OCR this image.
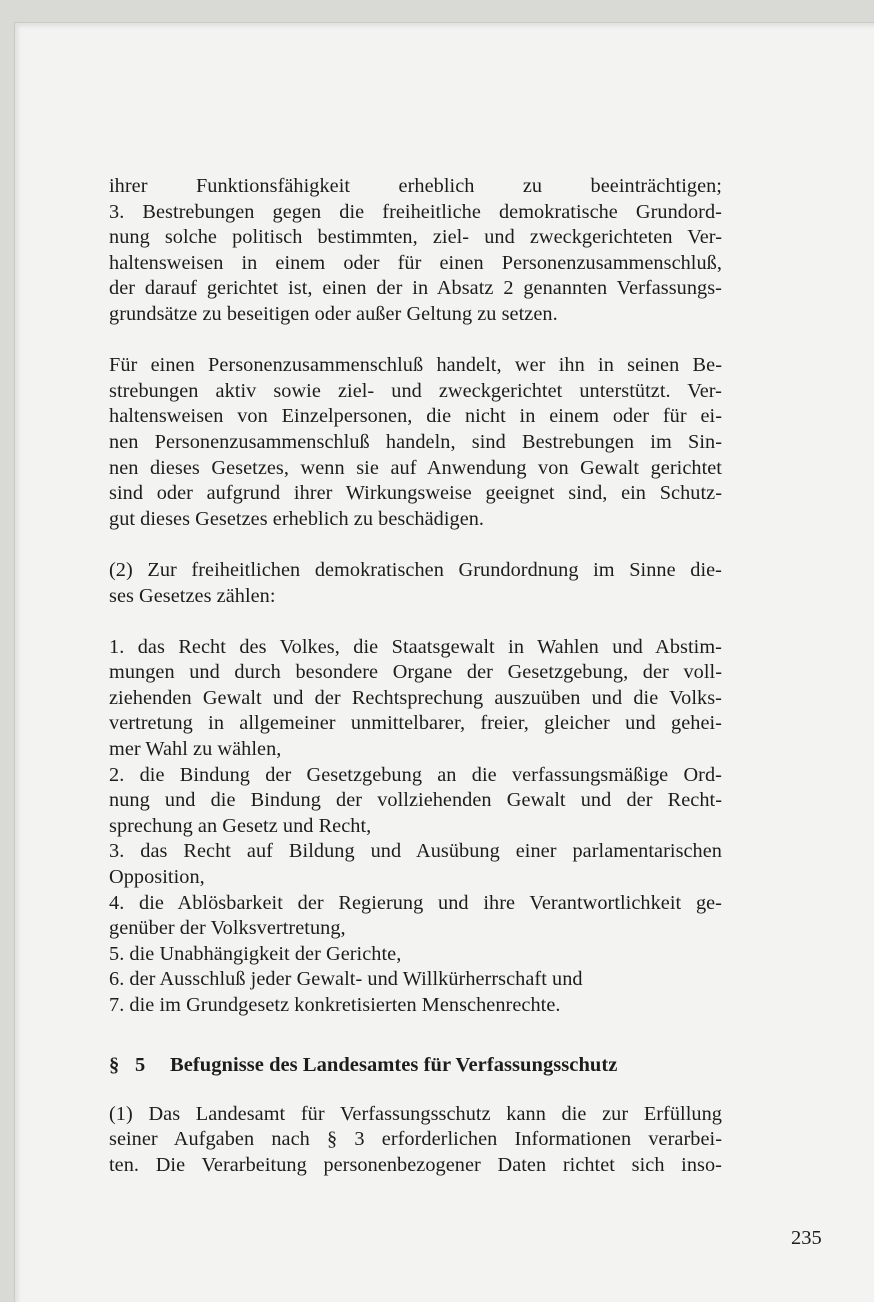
ihrer Funktionsfähigkeit erheblich zu beeinträchtigen;
3. Bestrebungen gegen die freiheitliche demokratische Grundord-
nung solche politisch bestimmten, ziel- und zweckgerichteten Ver-
haltensweisen in einem oder für einen Personenzusammenschluß,
der darauf gerichtet ist, einen der in Absatz 2 genannten Verfassungs-
grundsätze zu beseitigen oder außer Geltung zu setzen.
Für einen Personenzusammenschluß handelt, wer ihn in seinen Be-
strebungen aktiv sowie ziel- und zweckgerichtet unterstützt. Ver-
haltensweisen von Einzelpersonen, die nicht in einem oder für ei-
nen Personenzusammenschluß handeln, sind Bestrebungen im Sin-
nen dieses Gesetzes, wenn sie auf Anwendung von Gewalt gerichtet
sind oder aufgrund ihrer Wirkungsweise geeignet sind, ein Schutz-
gut dieses Gesetzes erheblich zu beschädigen.
(2) Zur freiheitlichen demokratischen Grundordnung im Sinne die-
ses Gesetzes zählen:
1. das Recht des Volkes, die Staatsgewalt in Wahlen und Abstim-
mungen und durch besondere Organe der Gesetzgebung, der voll-
ziehenden Gewalt und der Rechtsprechung auszuüben und die Volks-
vertretung in allgemeiner unmittelbarer, freier, gleicher und gehei-
mer Wahl zu wählen,
2. die Bindung der Gesetzgebung an die verfassungsmäßige Ord-
nung und die Bindung der vollziehenden Gewalt und der Recht-
sprechung an Gesetz und Recht,
3. das Recht auf Bildung und Ausübung einer parlamentarischen
Opposition,
4. die Ablösbarkeit der Regierung und ihre Verantwortlichkeit ge-
genüber der Volksvertretung,
5. die Unabhängigkeit der Gerichte,
6. der Ausschluß jeder Gewalt- und Willkürherrschaft und
7. die im Grundgesetz konkretisierten Menschenrechte.
§ 5 Befugnisse des Landesamtes für Verfassungsschutz
(1) Das Landesamt für Verfassungsschutz kann die zur Erfüllung
seiner Aufgaben nach § 3 erforderlichen Informationen verarbei-
ten. Die Verarbeitung personenbezogener Daten richtet sich inso-
235
